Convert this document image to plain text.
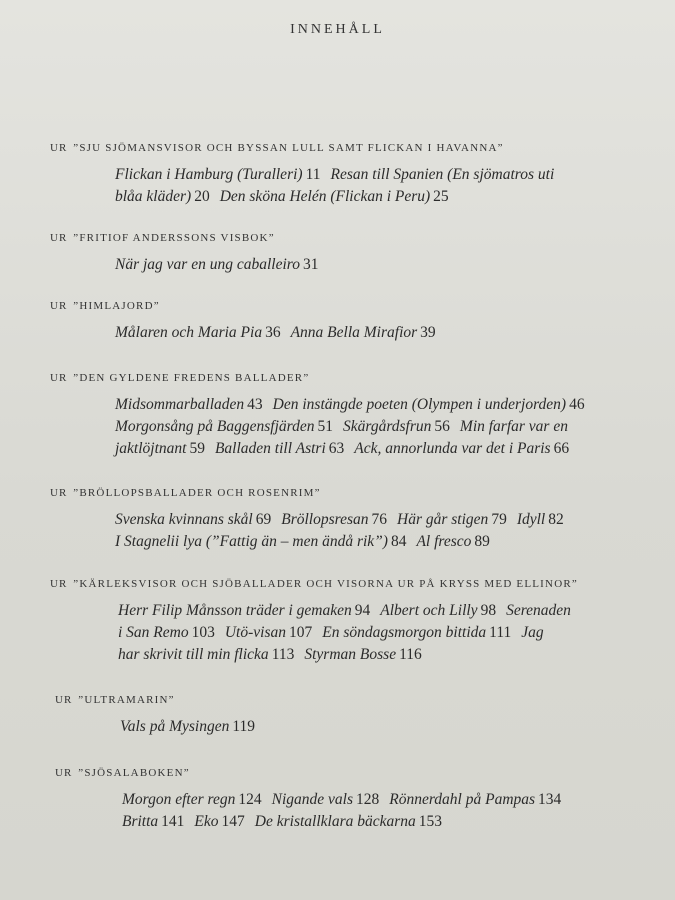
INNEHÅLL
UR ”SJU SJÖMANSVISOR OCH BYSSAN LULL SAMT FLICKAN I HAVANNA”
Flickan i Hamburg (Turalleri) 11 Resan till Spanien (En sjömatros uti
blåa kläder) 20 Den sköna Helén (Flickan i Peru) 25
UR ”FRITIOF ANDERSSONS VISBOK”
När jag var en ung caballeiro 31
UR ”HIMLAJORD”
Målaren och Maria Pia 36 Anna Bella Mirafior 39
UR ”DEN GYLDENE FREDENS BALLADER”
Midsommarballaden 43 Den instängde poeten (Olympen i underjorden) 46
Morgonsång på Baggensfjärden 51 Skärgårdsfrun 56 Min farfar var en
jaktlöjtnant 59 Balladen till Astri 63 Ack, annorlunda var det i Paris 66
UR ”BRÖLLOPSBALLADER OCH ROSENRIM”
Svenska kvinnans skål 69 Bröllopsresan 76 Här går stigen 79 Idyll 82
I Stagnelii lya (”Fattig än – men ändå rik”) 84 Al fresco 89
UR ”KÄRLEKSVISOR OCH SJÖBALLADER OCH VISORNA UR PÅ KRYSS MED ELLINOR”
Herr Filip Månsson träder i gemaken 94 Albert och Lilly 98 Serenaden
i San Remo 103 Utö-visan 107 En söndagsmorgon bittida 111 Jag
har skrivit till min flicka 113 Styrman Bosse 116
UR ”ULTRAMARIN”
Vals på Mysingen 119
UR ”SJÖSALABOKEN”
Morgon efter regn 124 Nigande vals 128 Rönnerdahl på Pampas 134
Britta 141 Eko 147 De kristallklara bäckarna 153
